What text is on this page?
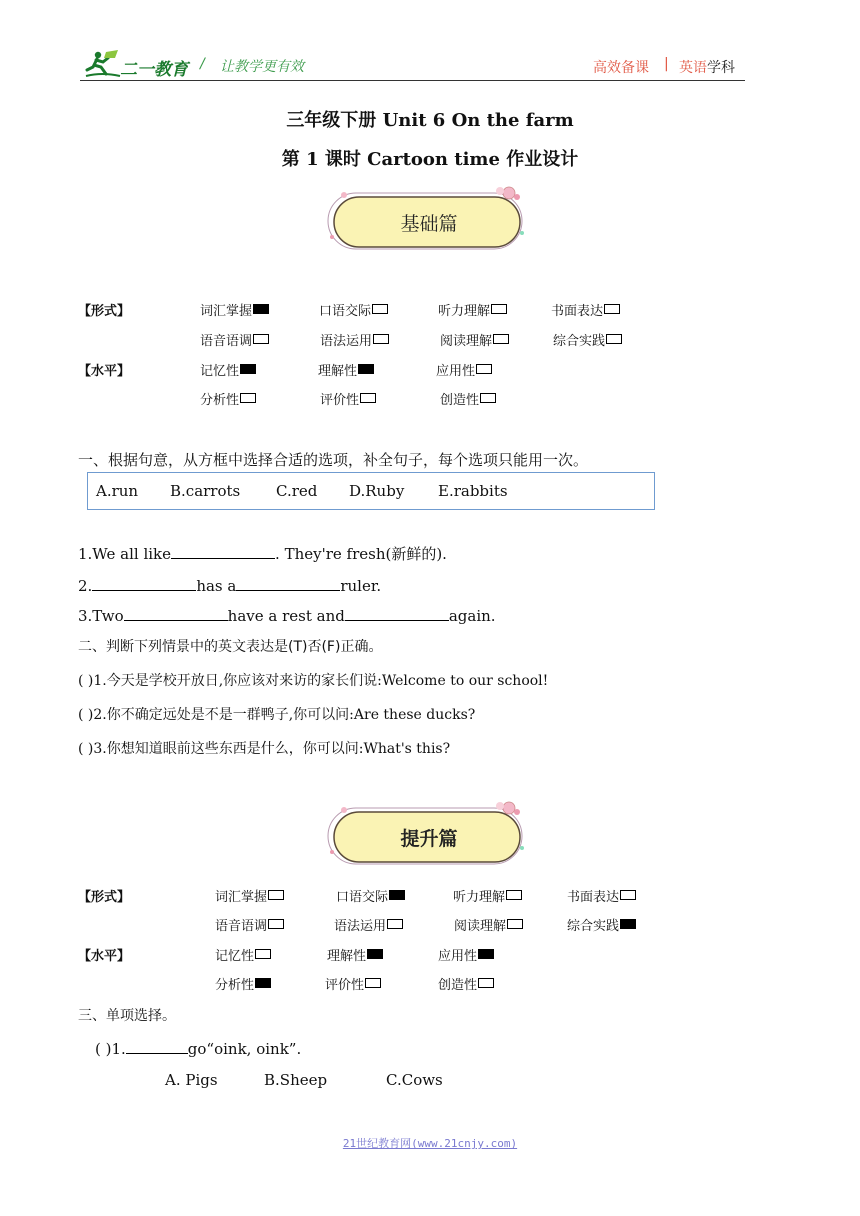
二一教育 / 让教学更有效	高效备课 | 英语 学科
三年级下册 Unit 6 On the farm
第 1 课时 Cartoon time 作业设计
基础篇
【形式】	词汇掌握	口语交际	听力理解	书面表达
语音语调	语法运用	阅读理解	综合实践
【水平】	记忆性	理解性	应用性
分析性	评价性	创造性
一、根据句意，从方框中选择合适的选项，补全句子，每个选项只能用一次。
A.run B.carrots C.red D.Ruby E.rabbits
1.We all like	. They're fresh(新鲜的).
2.	has a	ruler.
3.Two	have a rest and	again.
二、判断下列情景中的英文表达是(T)否(F)正确。
( )1.今天是学校开放日,你应该对来访的家长们说:Welcome to our school!
( )2.你不确定远处是不是一群鸭子,你可以问:Are these ducks?
( )3.你想知道眼前这些东西是什么，你可以问:What's this?
提升篇
【形式】	词汇掌握	口语交际	听力理解	书面表达
语音语调	语法运用	阅读理解	综合实践
【水平】	记忆性	理解性	应用性
分析性	评价性	创造性
三、单项选择。
( )1.	go“oink, oink”.
A. Pigs	B.Sheep	C.Cows
21世纪教育网(www.21cnjy.com)
